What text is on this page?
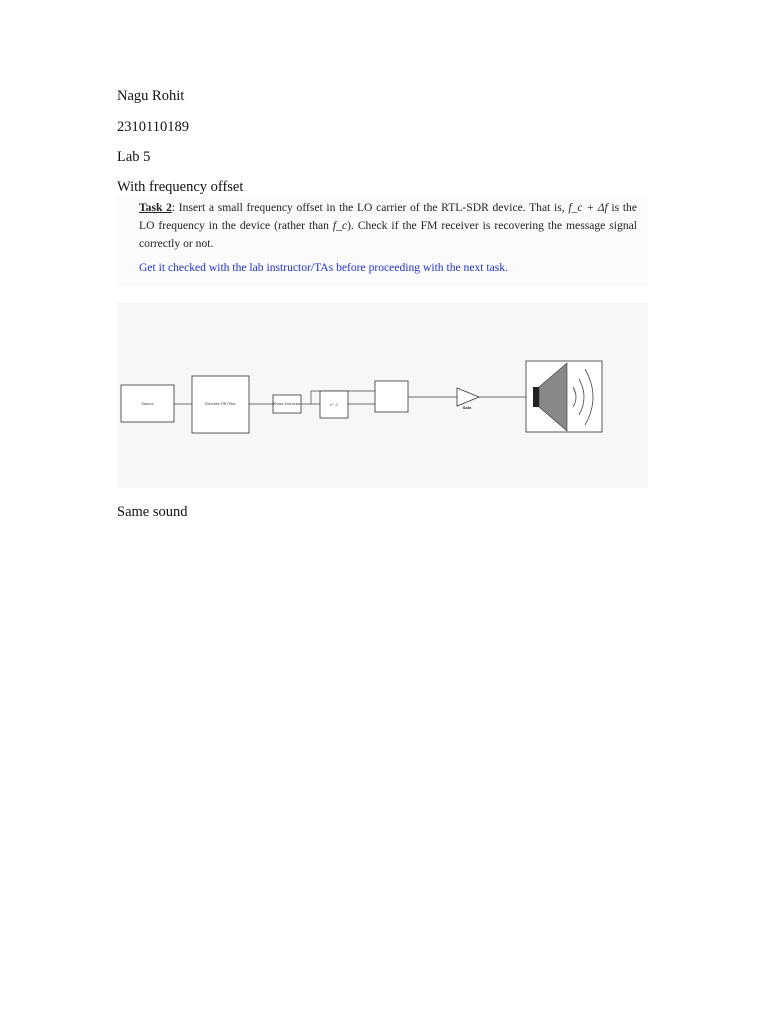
Nagu Rohit
2310110189
Lab 5
With frequency offset
Task 2: Insert a small frequency offset in the LO carrier of the RTL-SDR device. That is, f_c + Δf is the LO frequency in the device (rather than f_c). Check if the FM receiver is recovering the message signal correctly or not.
Get it checked with the lab instructor/TAs before proceeding with the next task.
Source	Discrete FIR Filter	Phase Extractor	z^-1
Gain
Same sound
